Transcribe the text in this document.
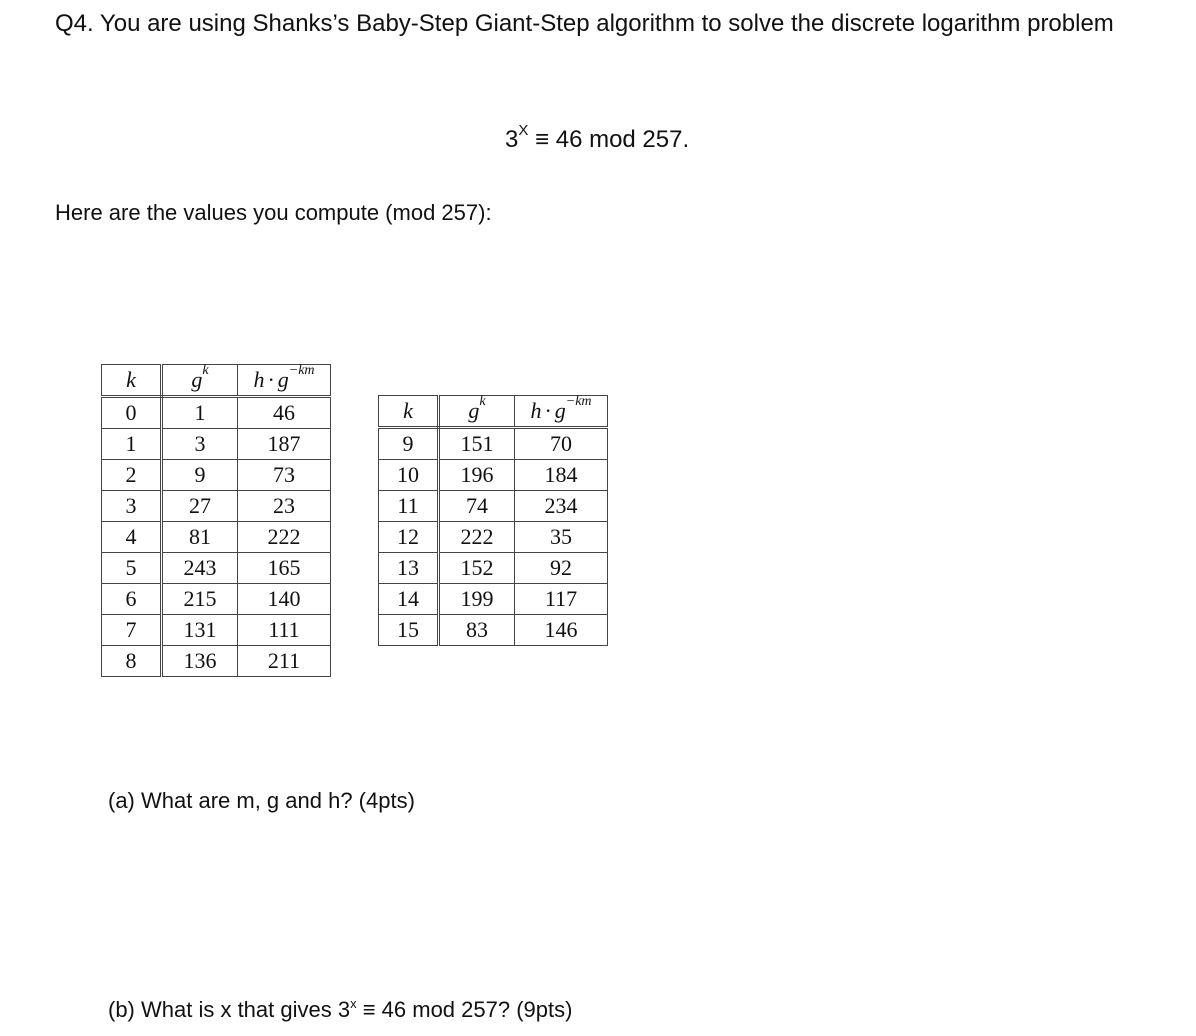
Q4. You are using Shanks’s Baby-Step Giant-Step algorithm to solve the discrete logarithm problem
$3^X \equiv 46$ mod 257.
Here are the values you compute (mod 257):
k	$g^k$	$h \cdot g^{-km}$
0	1	46
1	3	187
2	9	73
3	27	23
4	81	222
5	243	165
6	215	140
7	131	111
8	136	211
k	$g^k$	$h \cdot g^{-km}$
9	151	70
10	196	184
11	74	234
12	222	35
13	152	92
14	199	117
15	83	146
(a) What are m, g and h? (4pts)
(b) What is x that gives $3^x \equiv 46$ mod 257? (9pts)
